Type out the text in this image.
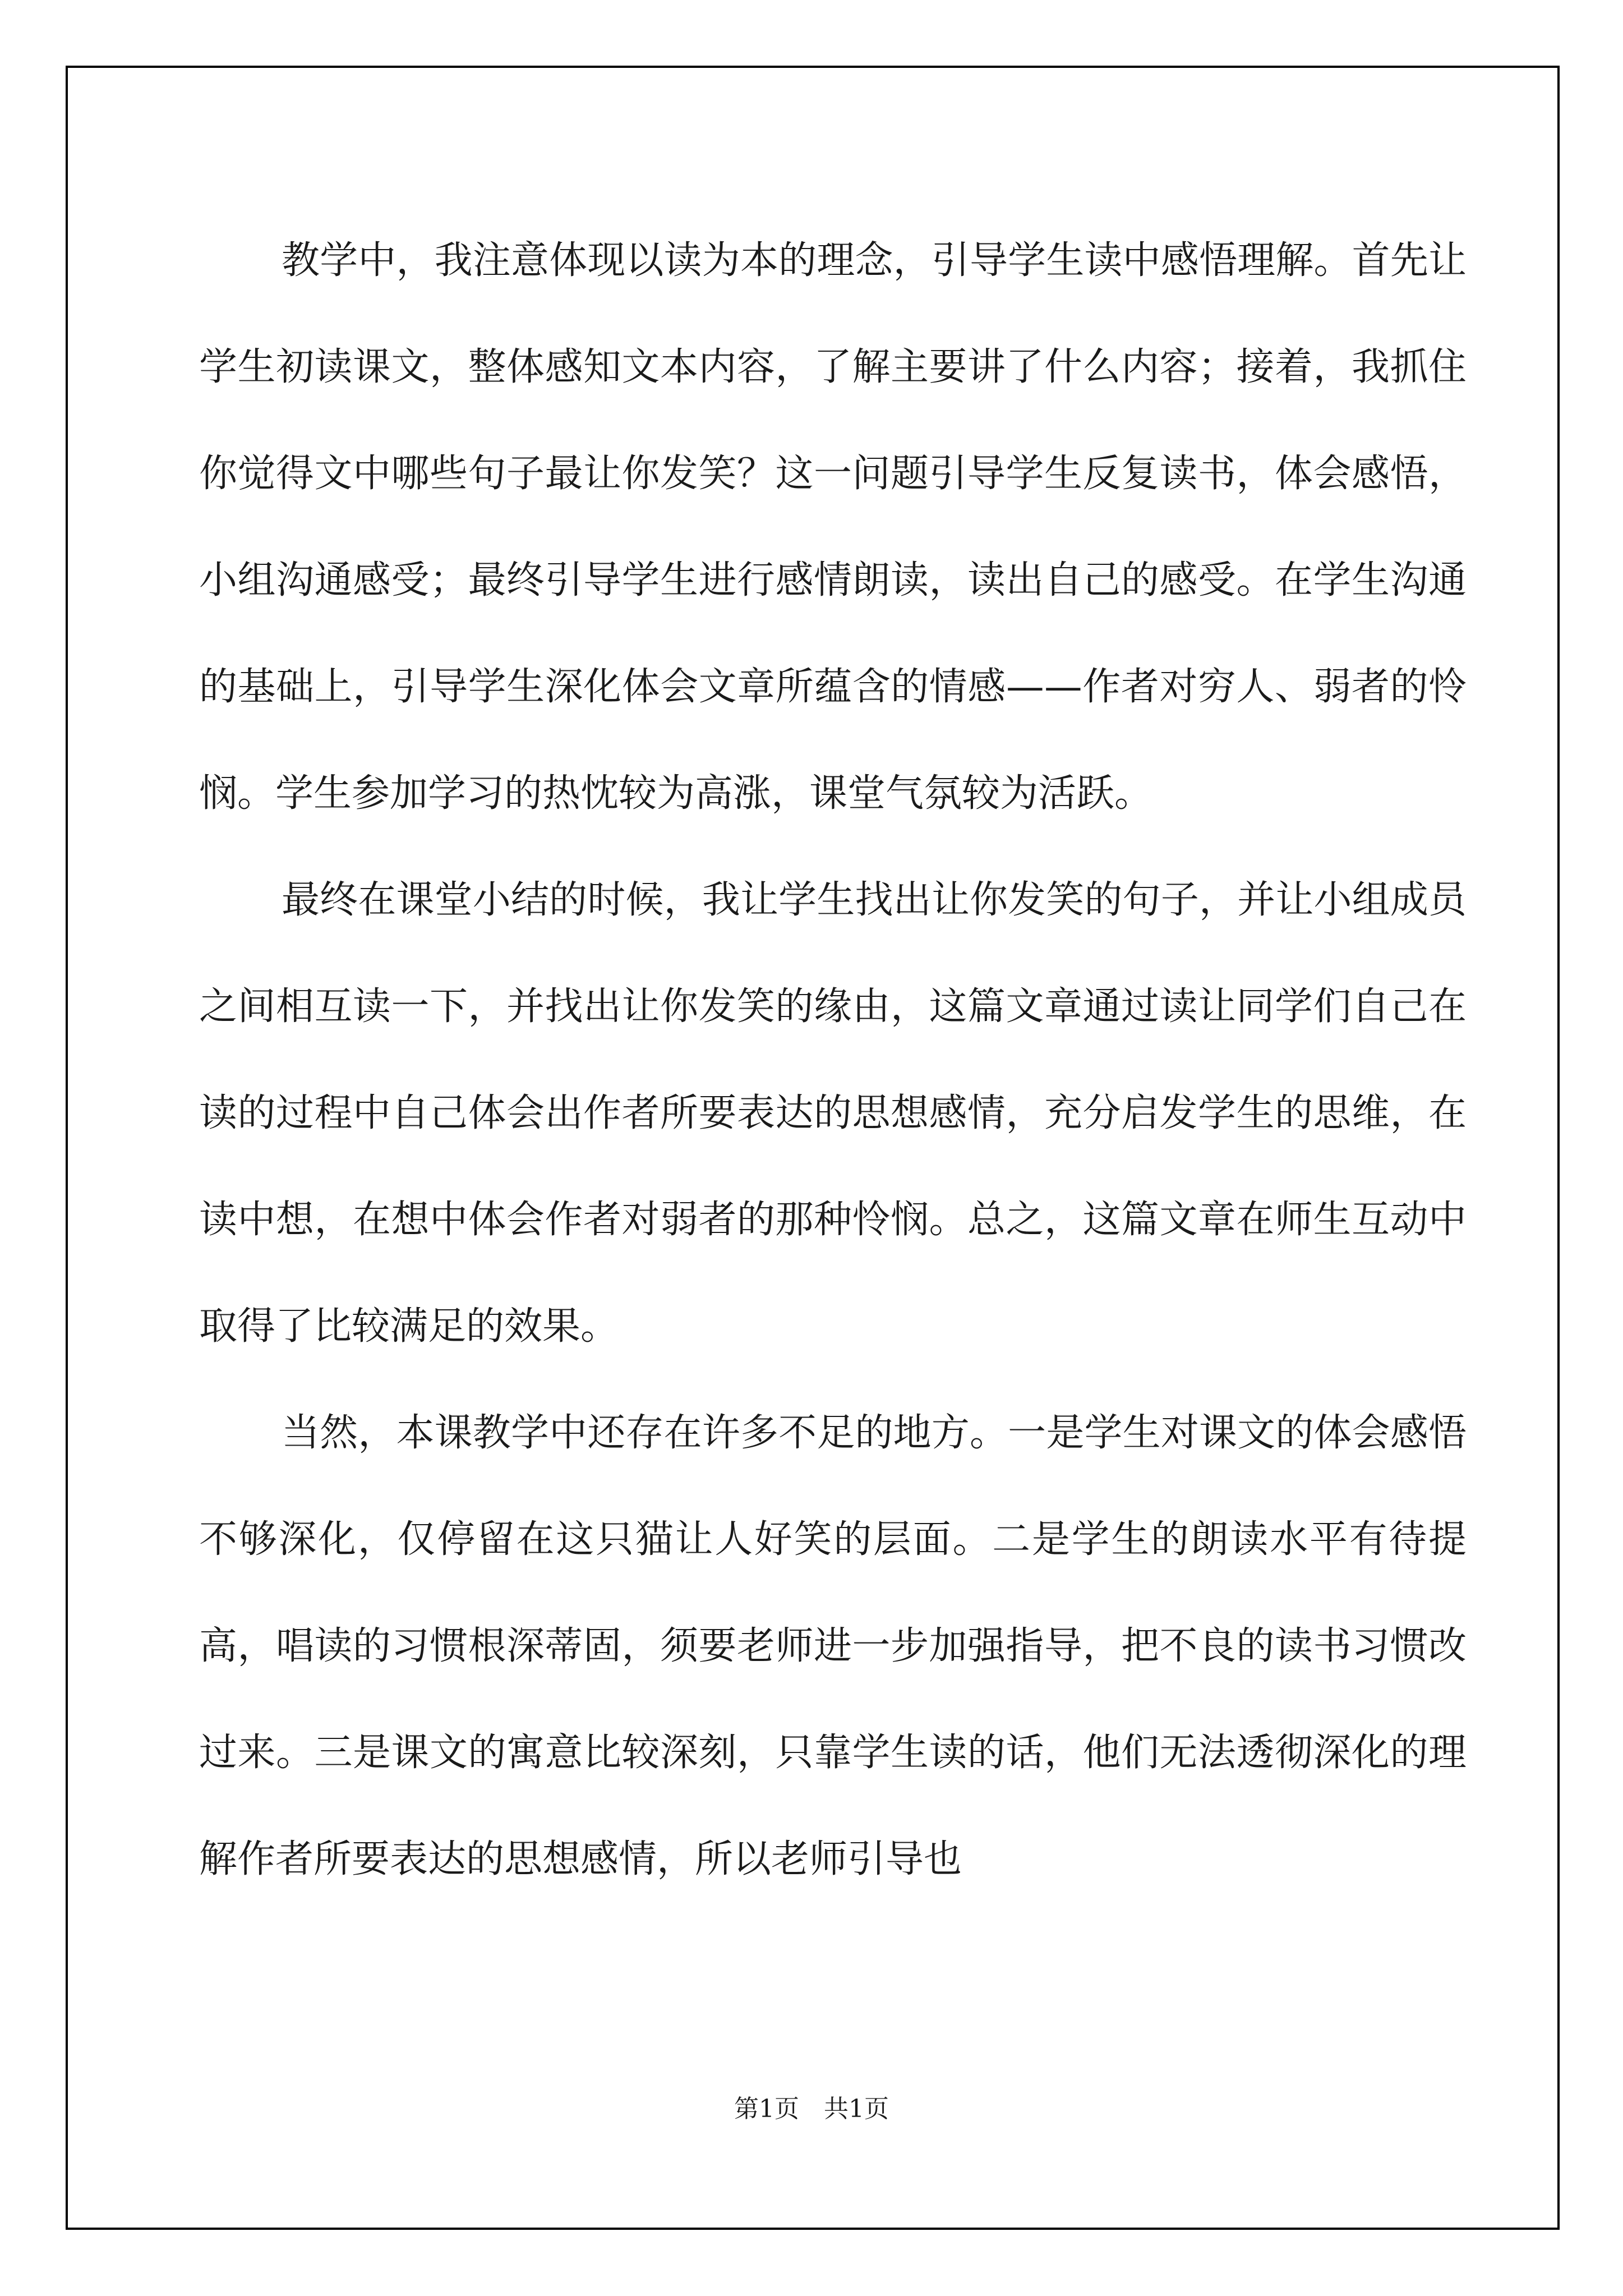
教学中，我注意体现以读为本的理念，引导学生读中感悟理解。首先让学生初读课文，整体感知文本内容，了解主要讲了什么内容；接着，我抓住你觉得文中哪些句子最让你发笑？这一问题引导学生反复读书，体会感悟，小组沟通感受；最终引导学生进行感情朗读，读出自己的感受。在学生沟通的基础上，引导学生深化体会文章所蕴含的情感——作者对穷人、弱者的怜悯。学生参加学习的热忱较为高涨，课堂气氛较为活跃。

最终在课堂小结的时候，我让学生找出让你发笑的句子，并让小组成员之间相互读一下，并找出让你发笑的缘由，这篇文章通过读让同学们自己在读的过程中自己体会出作者所要表达的思想感情，充分启发学生的思维，在读中想，在想中体会作者对弱者的那种怜悯。总之，这篇文章在师生互动中取得了比较满足的效果。

当然，本课教学中还存在许多不足的地方。一是学生对课文的体会感悟不够深化，仅停留在这只猫让人好笑的层面。二是学生的朗读水平有待提高，唱读的习惯根深蒂固，须要老师进一步加强指导，把不良的读书习惯改过来。三是课文的寓意比较深刻，只靠学生读的话，他们无法透彻深化的理解作者所要表达的思想感情，所以老师引导也

第1页 共1页
